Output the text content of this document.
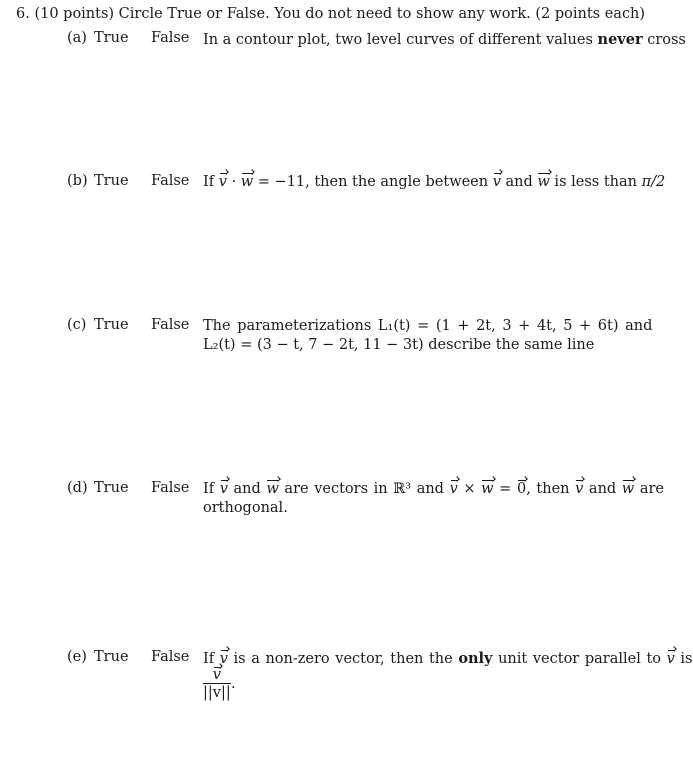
6. (10 points) Circle True or False. You do not need to show any work. (2 points each)
(a) True False In a contour plot, two level curves of different values never cross
(b) True False If v · w = −11, then the angle between v and w is less than π/2
(c) True False The parameterizations L₁(t) = (1 + 2t, 3 + 4t, 5 + 6t) and
L₂(t) = (3 − t, 7 − 2t, 11 − 3t) describe the same line
(d) True False If v and w are vectors in ℝ³ and v × w = 0, then v and w are
orthogonal.
(e) True False If v is a non-zero vector, then the only unit vector parallel to v is
$\frac{v}{||v||}$ .
